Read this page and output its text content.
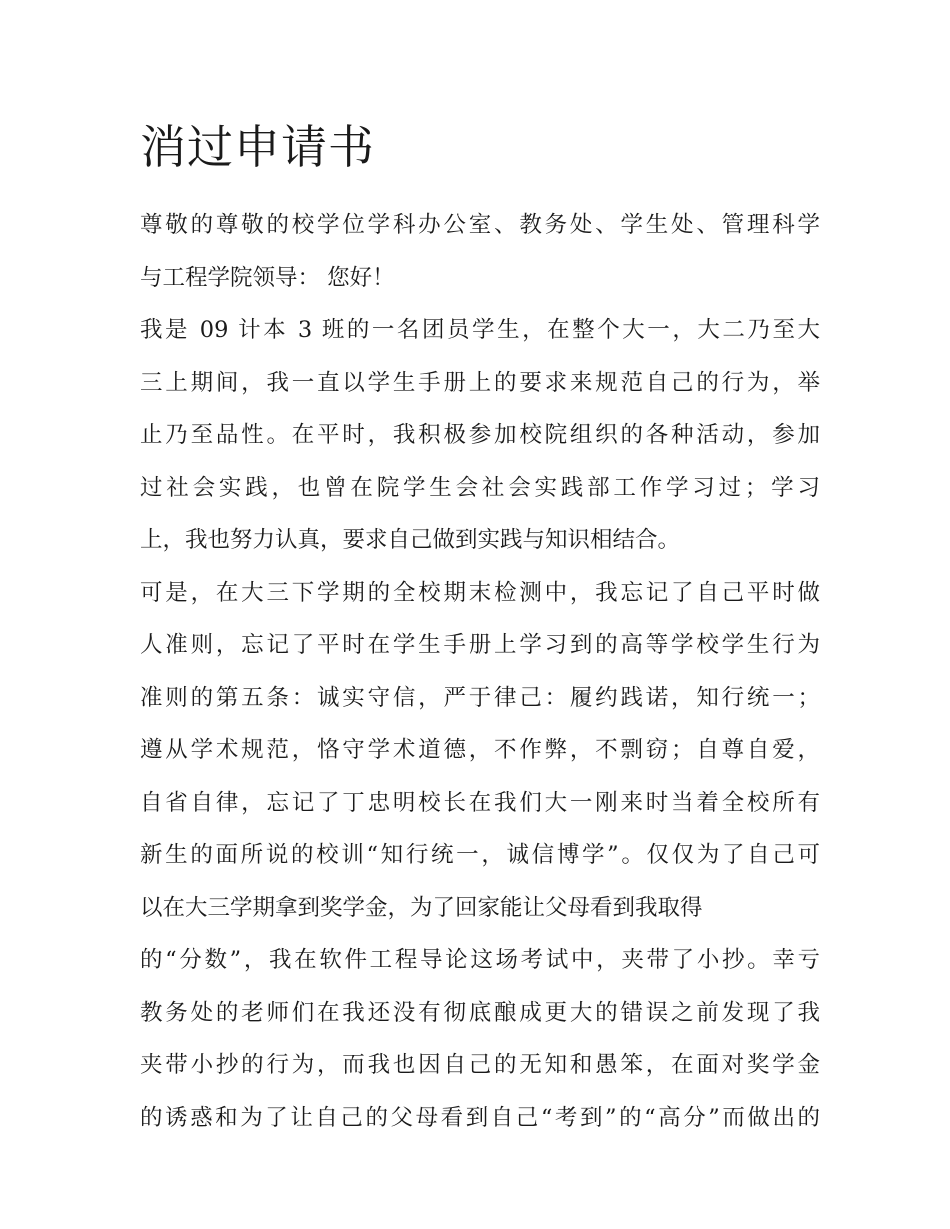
消过申请书
尊敬的尊敬的校学位学科办公室、教务处、学生处、管理科学
与工程学院领导： 您好！
我是 09 计本 3 班的一名团员学生，在整个大一，大二乃至大
三上期间，我一直以学生手册上的要求来规范自己的行为，举
止乃至品性。在平时，我积极参加校院组织的各种活动，参加
过社会实践，也曾在院学生会社会实践部工作学习过；学习
上，我也努力认真，要求自己做到实践与知识相结合。
可是，在大三下学期的全校期末检测中，我忘记了自己平时做
人准则，忘记了平时在学生手册上学习到的高等学校学生行为
准则的第五条：诚实守信，严于律己：履约践诺，知行统一；
遵从学术规范，恪守学术道德，不作弊，不剽窃；自尊自爱，
自省自律，忘记了丁忠明校长在我们大一刚来时当着全校所有
新生的面所说的校训“知行统一，诚信博学”。仅仅为了自己可
以在大三学期拿到奖学金，为了回家能让父母看到我取得
的“分数”，我在软件工程导论这场考试中，夹带了小抄。幸亏
教务处的老师们在我还没有彻底酿成更大的错误之前发现了我
夹带小抄的行为，而我也因自己的无知和愚笨，在面对奖学金
的诱惑和为了让自己的父母看到自己“考到”的“高分”而做出的
